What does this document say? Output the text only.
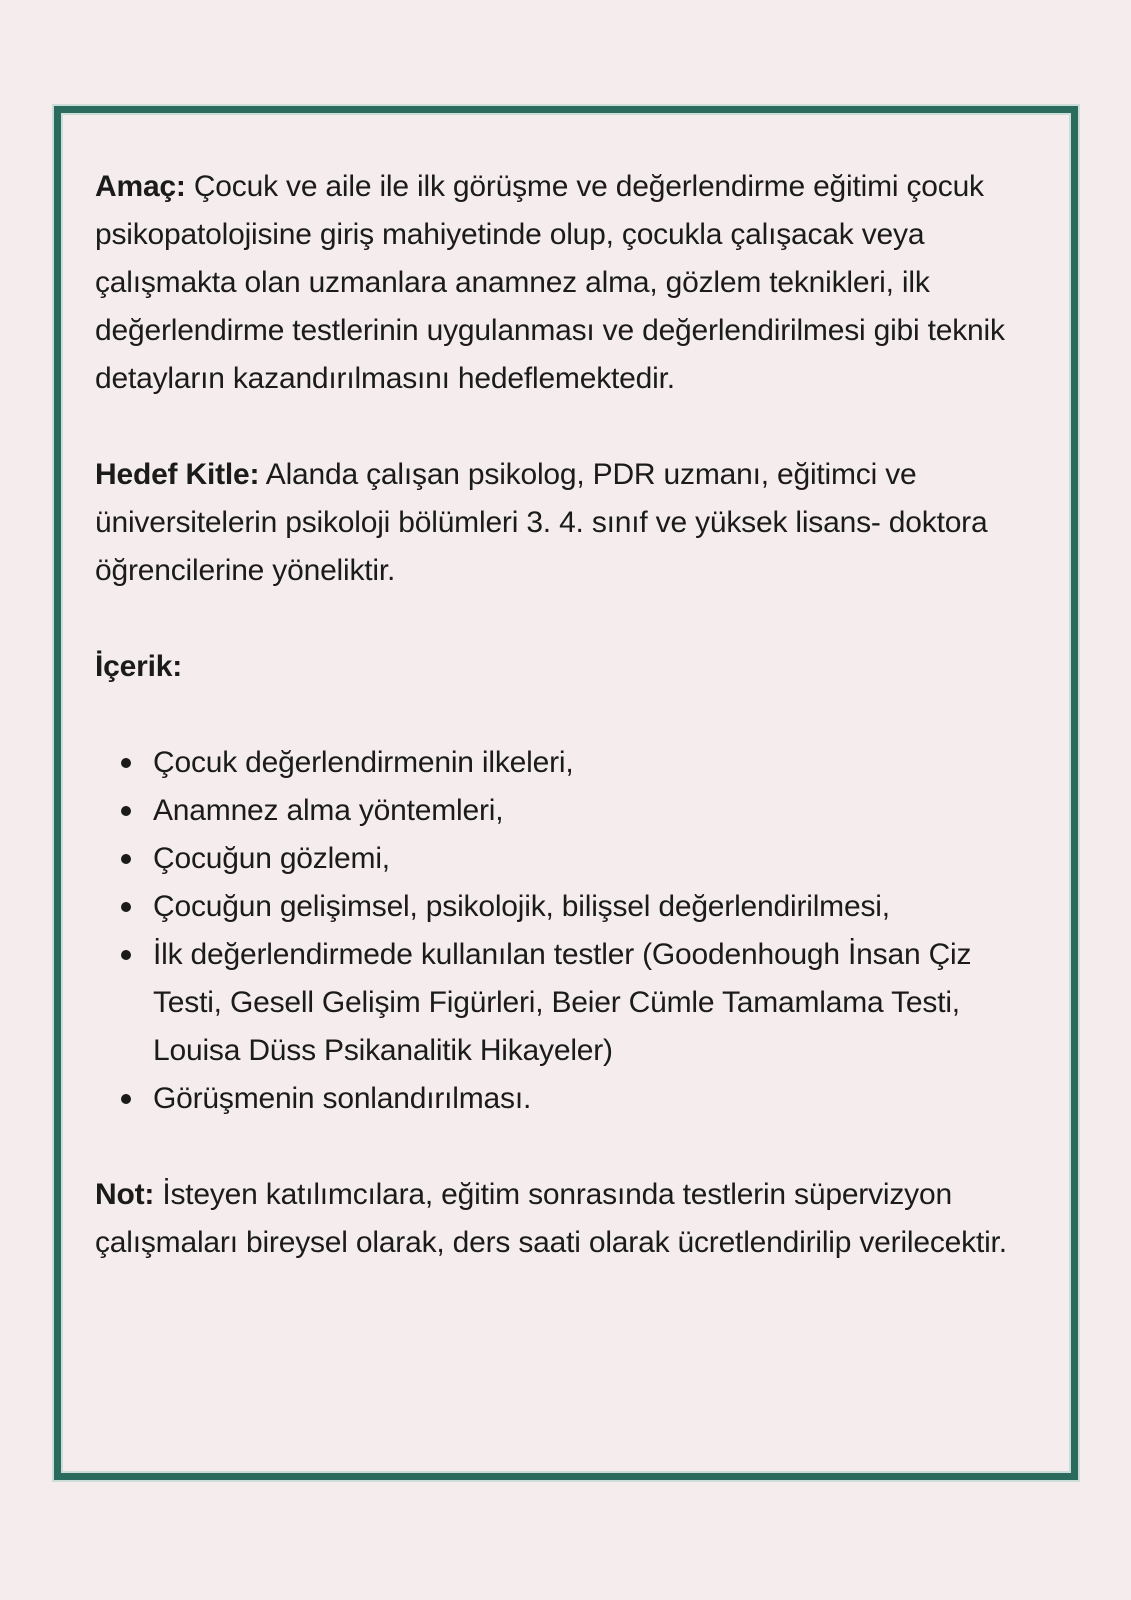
Amaç: Çocuk ve aile ile ilk görüşme ve değerlendirme eğitimi çocuk psikopatolojisine giriş mahiyetinde olup, çocukla çalışacak veya çalışmakta olan uzmanlara anamnez alma, gözlem teknikleri, ilk değerlendirme testlerinin uygulanması ve değerlendirilmesi gibi teknik detayların kazandırılmasını hedeflemektedir.

Hedef Kitle: Alanda çalışan psikolog, PDR uzmanı, eğitimci ve üniversitelerin psikoloji bölümleri 3. 4. sınıf ve yüksek lisans- doktora öğrencilerine yöneliktir.

İçerik:

Çocuk değerlendirmenin ilkeleri,
Anamnez alma yöntemleri,
Çocuğun gözlemi,
Çocuğun gelişimsel, psikolojik, bilişsel değerlendirilmesi,
İlk değerlendirmede kullanılan testler (Goodenhough İnsan Çiz Testi, Gesell Gelişim Figürleri, Beier Cümle Tamamlama Testi, Louisa Düss Psikanalitik Hikayeler)
Görüşmenin sonlandırılması.

Not: İsteyen katılımcılara, eğitim sonrasında testlerin süpervizyon çalışmaları bireysel olarak, ders saati olarak ücretlendirilip verilecektir.
